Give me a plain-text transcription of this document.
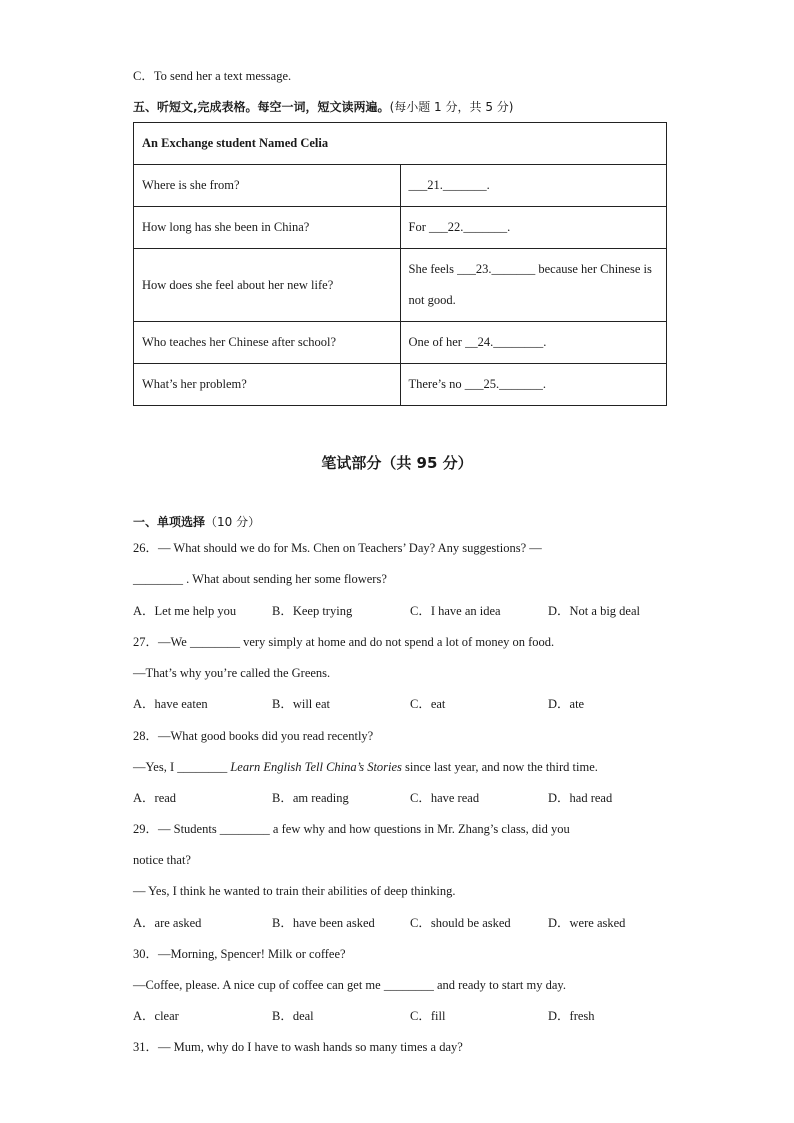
C．To send her a text message.
五、听短文,完成表格。每空一词，短文读两遍。(每小题 1 分，共 5 分)
An Exchange student Named Celia	
Where is she from?	___21._______.
How long has she been in China?	For ___22._______.
How does she feel about her new life?	She feels ___23._______ because her Chinese is
not good.

Who teaches her Chinese after school?	One of her __24.________.
What’s her problem?	There’s no ___25._______.
笔试部分（共 95 分）
一、单项选择（10 分）
26．— What should we do for Ms. Chen on Teachers’ Day? Any suggestions? —
________ . What about sending her some flowers?
A．Let me help you	B．Keep trying	C．I have an idea	D．Not a big deal
27．—We ________ very simply at home and do not spend a lot of money on food.
—That’s why you’re called the Greens.
A．have eaten	B．will eat	C．eat	D．ate
28．—What good books did you read recently?
—Yes, I ________ Learn English Tell China’s Stories since last year, and now the third time.
A．read	B．am reading	C．have read	D．had read
29．— Students ________ a few why and how questions in Mr. Zhang’s class, did you
notice that?
— Yes, I think he wanted to train their abilities of deep thinking.
A．are asked	B．have been asked	C．should be asked	D．were asked
30．—Morning, Spencer! Milk or coffee?
—Coffee, please. A nice cup of coffee can get me ________ and ready to start my day.
A．clear	B．deal	C．fill	D．fresh
31．— Mum, why do I have to wash hands so many times a day?
